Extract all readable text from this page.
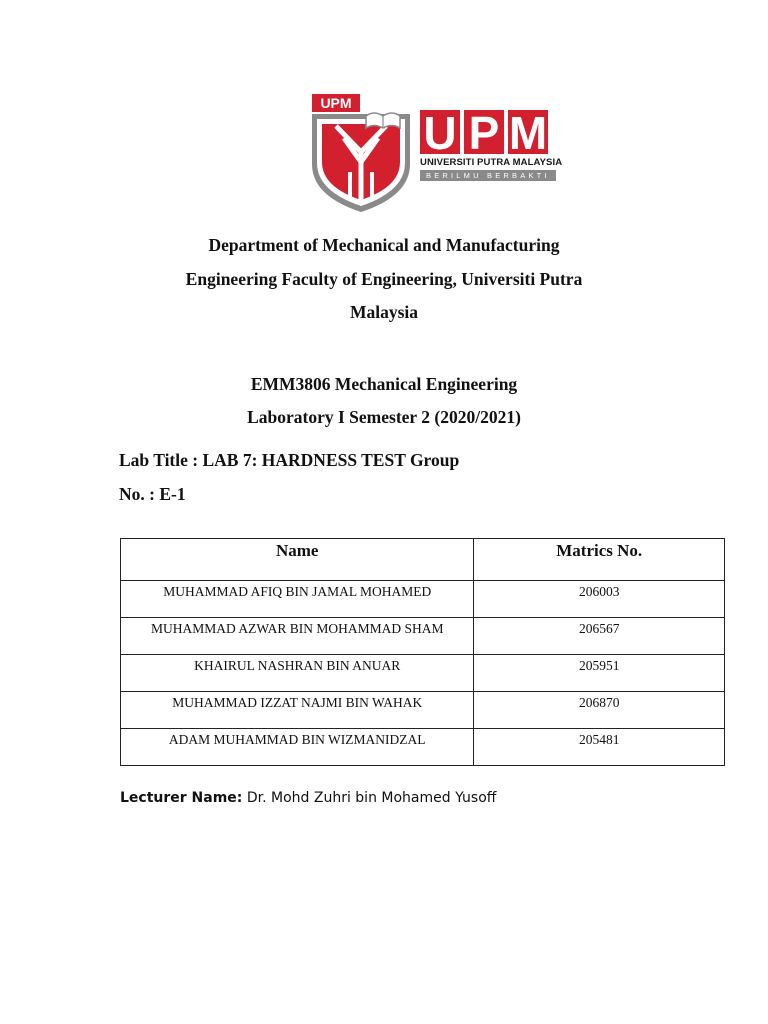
UPM
U P M
UNIVERSITI PUTRA MALAYSIA
BERILMU BERBAKTI
Department of Mechanical and Manufacturing
Engineering Faculty of Engineering, Universiti Putra
Malaysia
EMM3806 Mechanical Engineering
Laboratory I Semester 2 (2020/2021)
Lab Title : LAB 7: HARDNESS TEST Group
No. : E-1
Name	Matrics No.
MUHAMMAD AFIQ BIN JAMAL MOHAMED	206003
MUHAMMAD AZWAR BIN MOHAMMAD SHAM	206567
KHAIRUL NASHRAN BIN ANUAR	205951
MUHAMMAD IZZAT NAJMI BIN WAHAK	206870
ADAM MUHAMMAD BIN WIZMANIDZAL	205481
Lecturer Name: Dr. Mohd Zuhri bin Mohamed Yusoff
